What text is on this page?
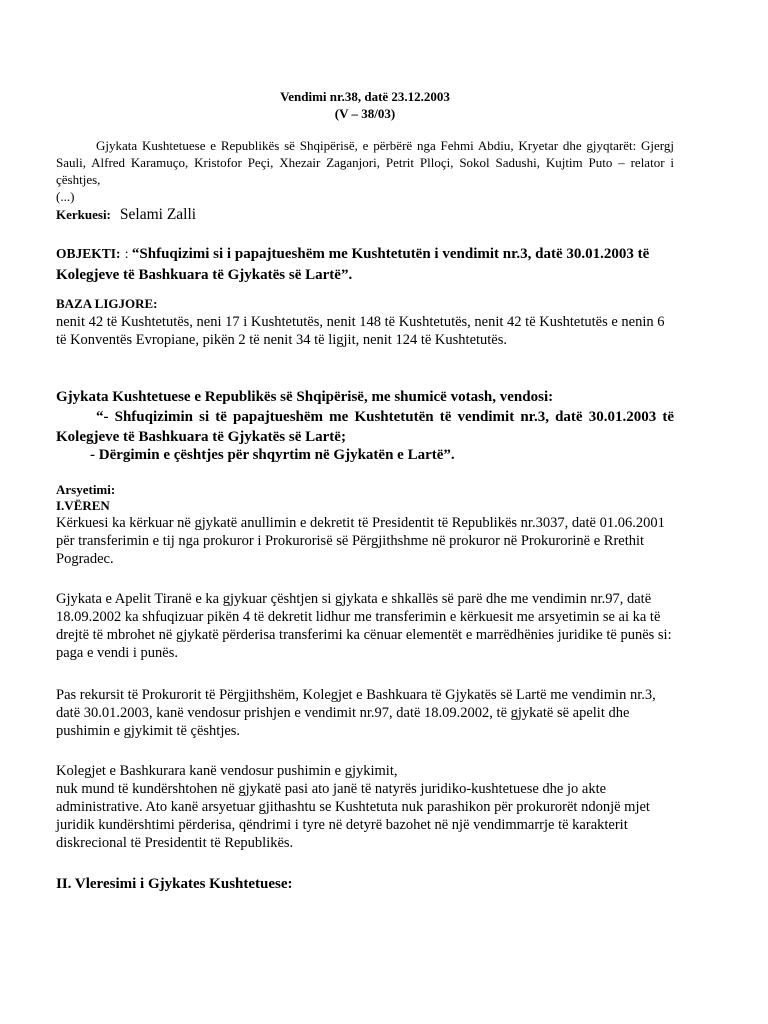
Vendimi nr.38, datë 23.12.2003
(V – 38/03)

Gjykata Kushtetuese e Republikës së Shqipërisë, e përbërë nga Fehmi Abdiu, Kryetar dhe gjyqtarët: Gjergj Sauli, Alfred Karamuço, Kristofor Peçi, Xhezair Zaganjori, Petrit Plloçi, Sokol Sadushi, Kujtim Puto – relator i çështjes,

(...)
Kerkuesi: Selami Zalli

OBJEKTI: : “Shfuqizimi si i papajtueshëm me Kushtetutën i vendimit nr.3, datë 30.01.2003 të Kolegjeve të Bashkuara të Gjykatës së Lartë”.

BAZA LIGJORE:

nenit 42 të Kushtetutës, neni 17 i Kushtetutës, nenit 148 të Kushtetutës, nenit 42 të Kushtetutës e nenin 6 të Konventës Evropiane, pikën 2 të nenit 34 të ligjit, nenit 124 të Kushtetutës.

Gjykata Kushtetuese e Republikës së Shqipërisë, me shumicë votash, vendosi:

“- Shfuqizimin si të papajtueshëm me Kushtetutën të vendimit nr.3, datë 30.01.2003 të Kolegjeve të Bashkuara të Gjykatës së Lartë;

- Dërgimin e çështjes për shqyrtim në Gjykatën e Lartë”.

Arsyetimi:
I.VËREN

Kërkuesi ka kërkuar në gjykatë anullimin e dekretit të Presidentit të Republikës nr.3037, datë 01.06.2001 për transferimin e tij nga prokuror i Prokurorisë së Përgjithshme në prokuror në Prokurorinë e Rrethit Pogradec.

Gjykata e Apelit Tiranë e ka gjykuar çështjen si gjykata e shkallës së parë dhe me vendimin nr.97, datë 18.09.2002 ka shfuqizuar pikën 4 të dekretit lidhur me transferimin e kërkuesit me arsyetimin se ai ka të drejtë të mbrohet në gjykatë përderisa transferimi ka cënuar elementët e marrëdhënies juridike të punës si: paga e vendi i punës.

Pas rekursit të Prokurorit të Përgjithshëm, Kolegjet e Bashkuara të Gjykatës së Lartë me vendimin nr.3, datë 30.01.2003, kanë vendosur prishjen e vendimit nr.97, datë 18.09.2002, të gjykatë së apelit dhe pushimin e gjykimit të çështjes.

Kolegjet e Bashkurara kanë vendosur pushimin e gjykimit,
nuk mund të kundërshtohen në gjykatë pasi ato janë të natyrës juridiko-kushtetuese dhe jo akte administrative. Ato kanë arsyetuar gjithashtu se Kushtetuta nuk parashikon për prokurorët ndonjë mjet juridik kundërshtimi përderisa, qëndrimi i tyre në detyrë bazohet në një vendimmarrje të karakterit diskrecional të Presidentit të Republikës.

II. Vleresimi i Gjykates Kushtetuese:
